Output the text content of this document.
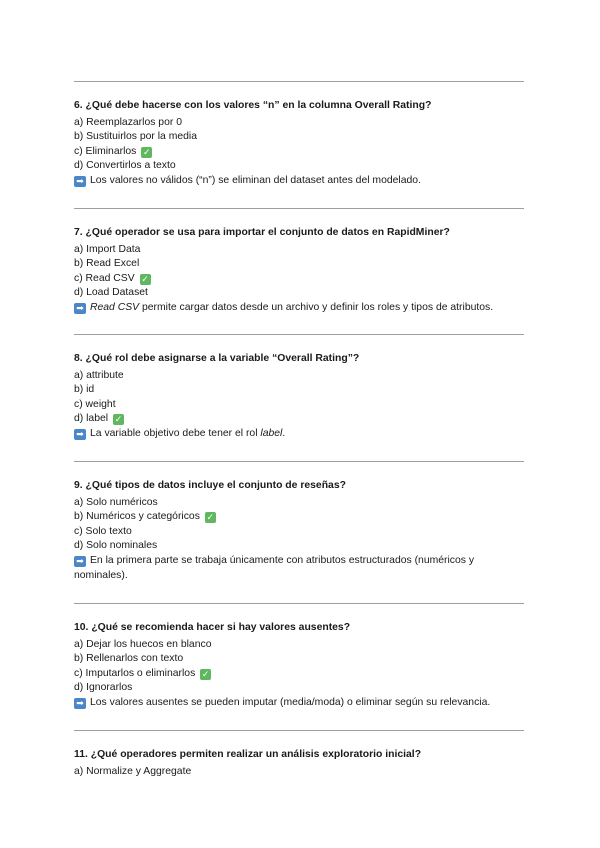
6. ¿Qué debe hacerse con los valores “n” en la columna Overall Rating?
a) Reemplazarlos por 0
b) Sustituirlos por la media
c) Eliminarlos ✓
d) Convertirlos a texto
➡ Los valores no válidos (“n”) se eliminan del dataset antes del modelado.
7. ¿Qué operador se usa para importar el conjunto de datos en RapidMiner?
a) Import Data
b) Read Excel
c) Read CSV ✓
d) Load Dataset
➡ Read CSV permite cargar datos desde un archivo y definir los roles y tipos de atributos.
8. ¿Qué rol debe asignarse a la variable “Overall Rating”?
a) attribute
b) id
c) weight
d) label ✓
➡ La variable objetivo debe tener el rol label.
9. ¿Qué tipos de datos incluye el conjunto de reseñas?
a) Solo numéricos
b) Numéricos y categóricos ✓
c) Solo texto
d) Solo nominales
➡ En la primera parte se trabaja únicamente con atributos estructurados (numéricos y nominales).
10. ¿Qué se recomienda hacer si hay valores ausentes?
a) Dejar los huecos en blanco
b) Rellenarlos con texto
c) Imputarlos o eliminarlos ✓
d) Ignorarlos
➡ Los valores ausentes se pueden imputar (media/moda) o eliminar según su relevancia.
11. ¿Qué operadores permiten realizar un análisis exploratorio inicial?
a) Normalize y Aggregate
